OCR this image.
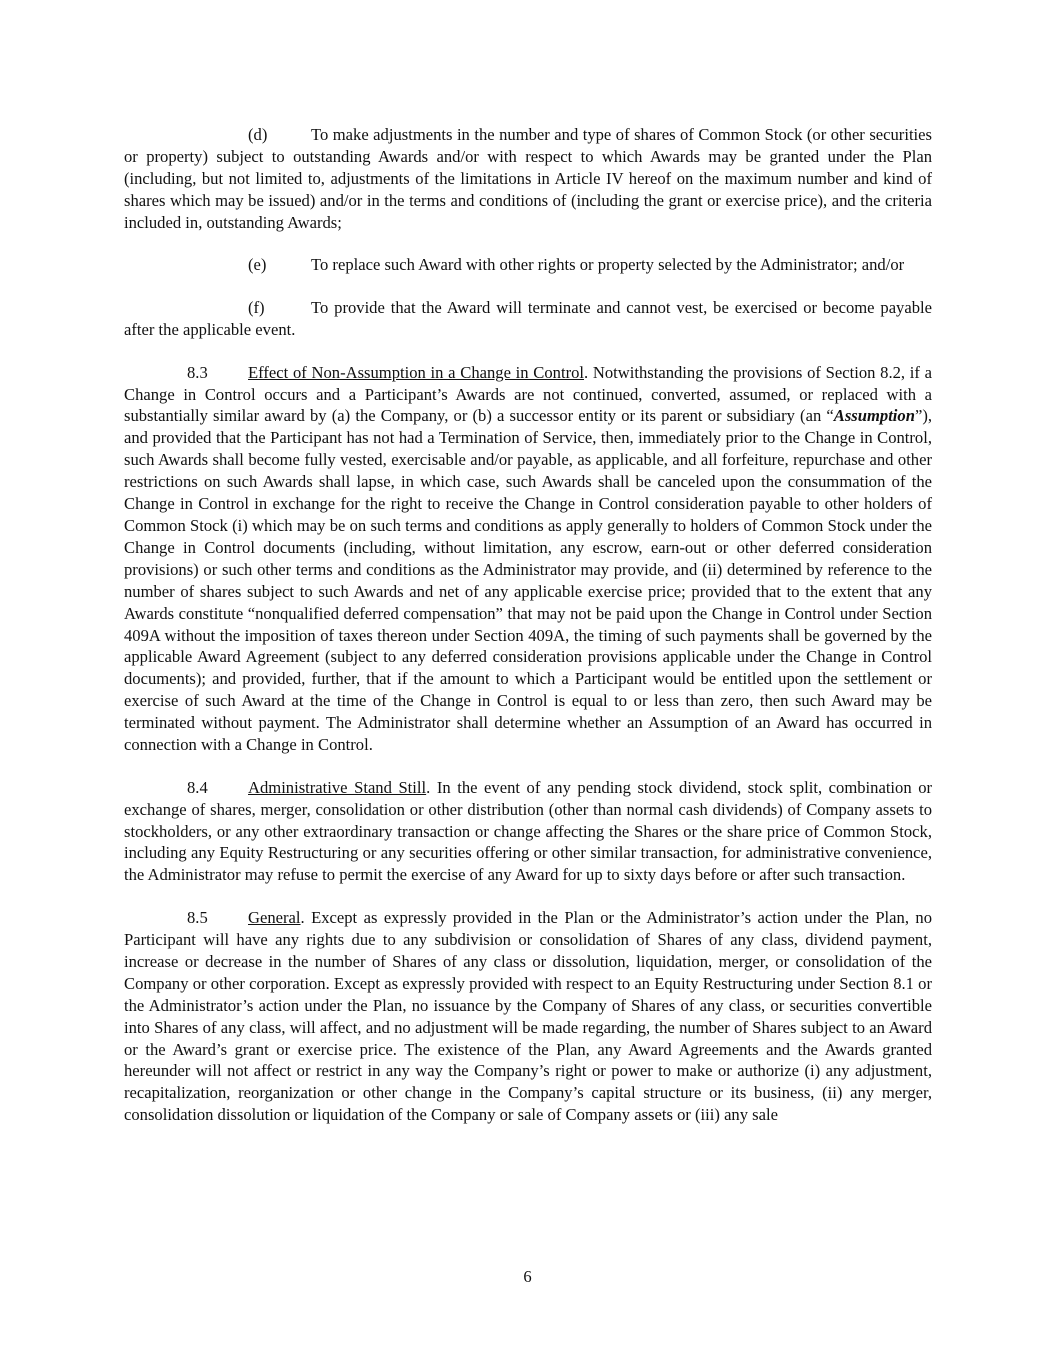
(d)	To make adjustments in the number and type of shares of Common Stock (or other securities or property) subject to outstanding Awards and/or with respect to which Awards may be granted under the Plan (including, but not limited to, adjustments of the limitations in Article IV hereof on the maximum number and kind of shares which may be issued) and/or in the terms and conditions of (including the grant or exercise price), and the criteria included in, outstanding Awards;

(e)	To replace such Award with other rights or property selected by the Administrator; and/or

(f)	To provide that the Award will terminate and cannot vest, be exercised or become payable after the applicable event.

8.3 Effect of Non-Assumption in a Change in Control. Notwithstanding the provisions of Section 8.2, if a Change in Control occurs and a Participant’s Awards are not continued, converted, assumed, or replaced with a substantially similar award by (a) the Company, or (b) a successor entity or its parent or subsidiary (an “Assumption”), and provided that the Participant has not had a Termination of Service, then, immediately prior to the Change in Control, such Awards shall become fully vested, exercisable and/or payable, as applicable, and all forfeiture, repurchase and other restrictions on such Awards shall lapse, in which case, such Awards shall be canceled upon the consummation of the Change in Control in exchange for the right to receive the Change in Control consideration payable to other holders of Common Stock (i) which may be on such terms and conditions as apply generally to holders of Common Stock under the Change in Control documents (including, without limitation, any escrow, earn-out or other deferred consideration provisions) or such other terms and conditions as the Administrator may provide, and (ii) determined by reference to the number of shares subject to such Awards and net of any applicable exercise price; provided that to the extent that any Awards constitute “nonqualified deferred compensation” that may not be paid upon the Change in Control under Section 409A without the imposition of taxes thereon under Section 409A, the timing of such payments shall be governed by the applicable Award Agreement (subject to any deferred consideration provisions applicable under the Change in Control documents); and provided, further, that if the amount to which a Participant would be entitled upon the settlement or exercise of such Award at the time of the Change in Control is equal to or less than zero, then such Award may be terminated without payment. The Administrator shall determine whether an Assumption of an Award has occurred in connection with a Change in Control.

8.4 Administrative Stand Still. In the event of any pending stock dividend, stock split, combination or exchange of shares, merger, consolidation or other distribution (other than normal cash dividends) of Company assets to stockholders, or any other extraordinary transaction or change affecting the Shares or the share price of Common Stock, including any Equity Restructuring or any securities offering or other similar transaction, for administrative convenience, the Administrator may refuse to permit the exercise of any Award for up to sixty days before or after such transaction.

8.5 General. Except as expressly provided in the Plan or the Administrator’s action under the Plan, no Participant will have any rights due to any subdivision or consolidation of Shares of any class, dividend payment, increase or decrease in the number of Shares of any class or dissolution, liquidation, merger, or consolidation of the Company or other corporation. Except as expressly provided with respect to an Equity Restructuring under Section 8.1 or the Administrator’s action under the Plan, no issuance by the Company of Shares of any class, or securities convertible into Shares of any class, will affect, and no adjustment will be made regarding, the number of Shares subject to an Award or the Award’s grant or exercise price. The existence of the Plan, any Award Agreements and the Awards granted hereunder will not affect or restrict in any way the Company’s right or power to make or authorize (i) any adjustment, recapitalization, reorganization or other change in the Company’s capital structure or its business, (ii) any merger, consolidation dissolution or liquidation of the Company or sale of Company assets or (iii) any sale

6
